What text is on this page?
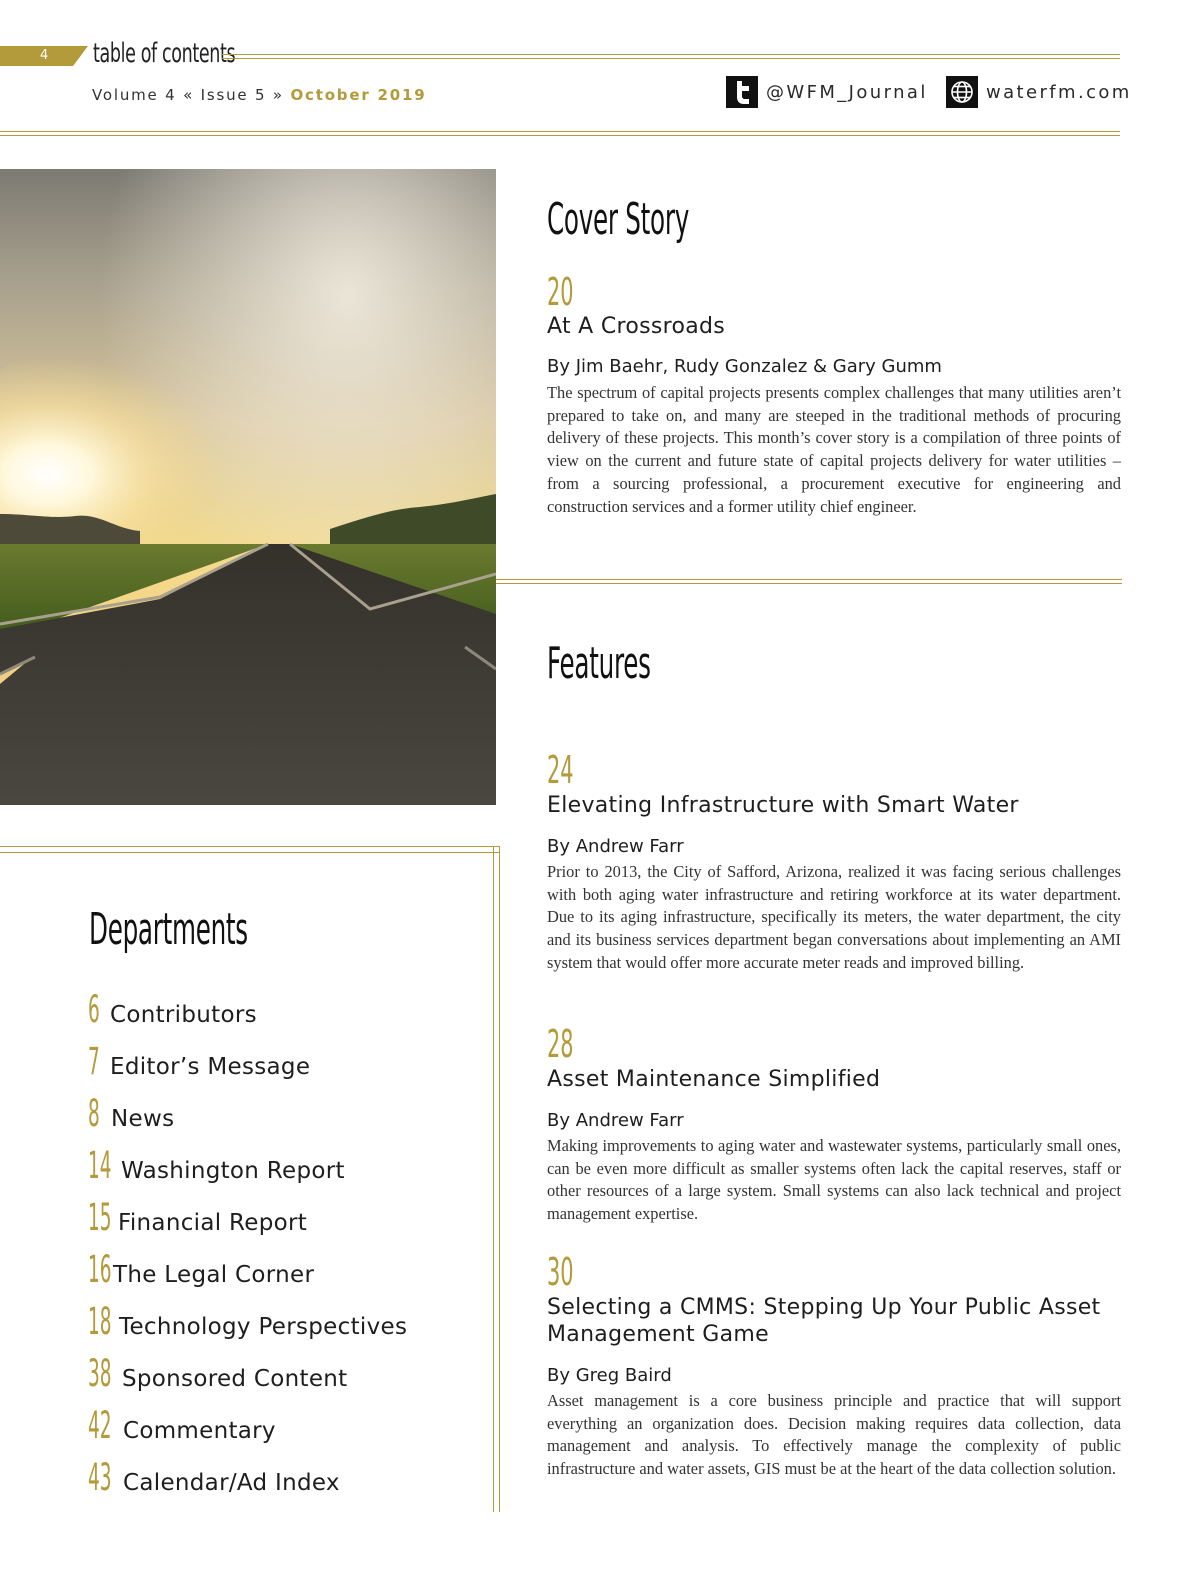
4 table of contents
Volume 4 « Issue 5 » October 2019	@WFM_Journal	waterfm.com
Cover Story
20
At A Crossroads
By Jim Baehr, Rudy Gonzalez & Gary Gumm

The spectrum of capital projects presents complex challenges that many utilities aren’t prepared to take on, and many are steeped in the traditional methods of procuring delivery of these projects. This month’s cover story is a compilation of three points of view on the current and future state of capital projects delivery for water utilities – from a sourcing professional, a procurement executive for engineering and construction services and a former utility chief engineer.

Features
24
Elevating Infrastructure with Smart Water
By Andrew Farr

Prior to 2013, the City of Safford, Arizona, realized it was facing serious challenges with both aging water infrastructure and retiring workforce at its water department. Due to its aging infrastructure, specifically its meters, the water department, the city and its business services department began conversations about implementing an AMI system that would offer more accurate meter reads and improved billing.

28
Asset Maintenance Simplified
By Andrew Farr

Making improvements to aging water and wastewater systems, particularly small ones, can be even more difficult as smaller systems often lack the capital reserves, staff or other resources of a large system. Small systems can also lack technical and project management expertise.

30
Selecting a CMMS: Stepping Up Your Public Asset Management Game
By Greg Baird

Asset management is a core business principle and practice that will support everything an organization does. Decision making requires data collection, data management and analysis. To effectively manage the complexity of public infrastructure and water assets, GIS must be at the heart of the data collection solution.

Departments
6 Contributors
7 Editor’s Message
8 News
14 Washington Report
15 Financial Report
16 The Legal Corner
18 Technology Perspectives
38 Sponsored Content
42 Commentary
43 Calendar/Ad Index
